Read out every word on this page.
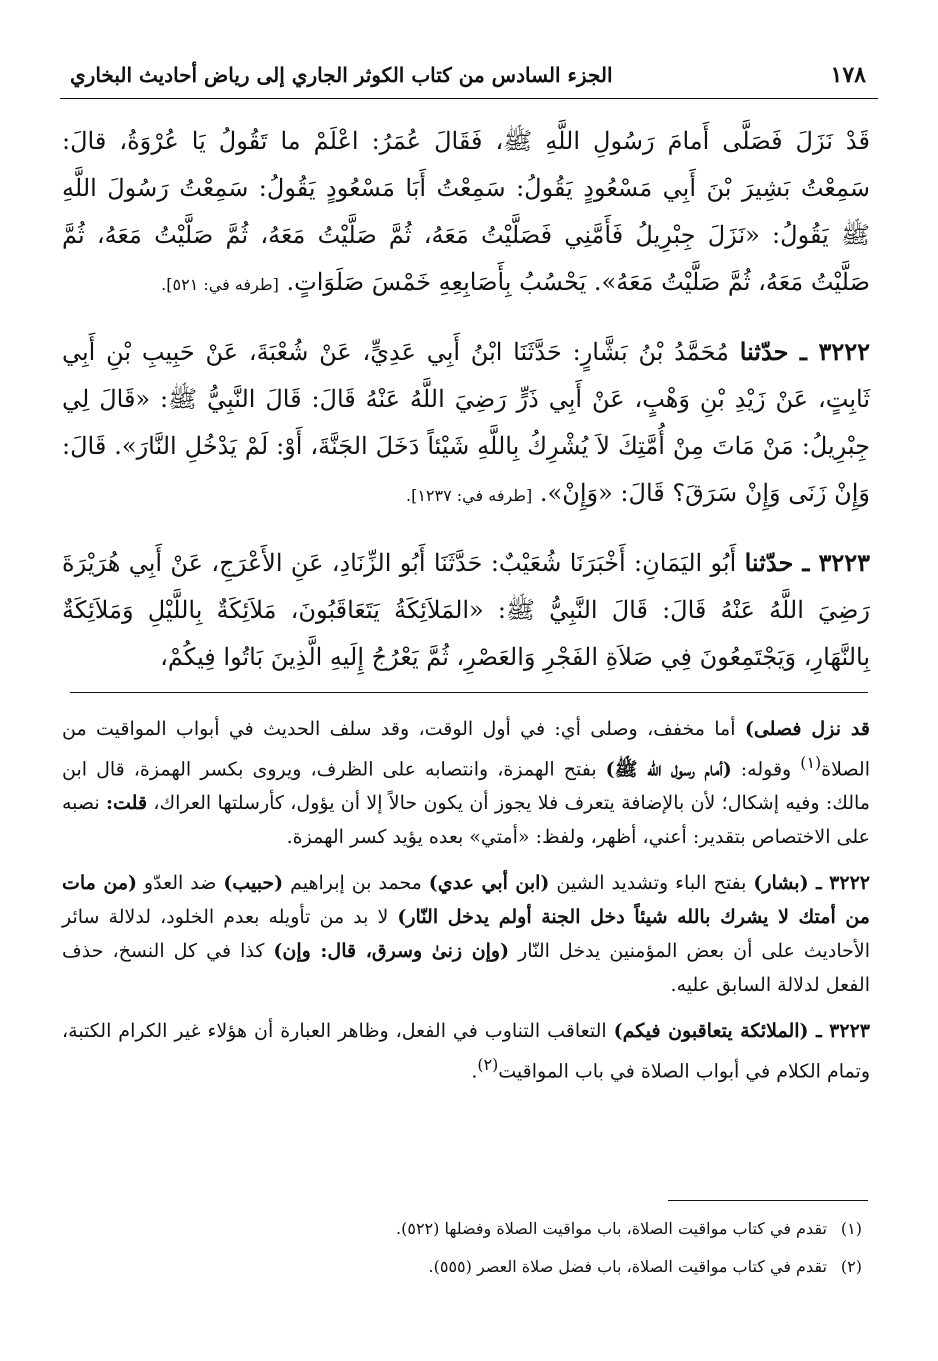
١٧٨
الجزء السادس من كتاب الكوثر الجاري إلى رياض أحاديث البخاري

قَدْ نَزَلَ فَصَلَّى أَمامَ رَسُولِ اللَّهِ ﷺ، فَقَالَ عُمَرُ: اعْلَمْ ما تَقُولُ يَا عُرْوَةُ، قالَ: سَمِعْتُ بَشِيرَ بْنَ أَبِي مَسْعُودٍ يَقُولُ: سَمِعْتُ أَبَا مَسْعُودٍ يَقُولُ: سَمِعْتُ رَسُولَ اللَّهِ ﷺ يَقُولُ: «نَزَلَ جِبْرِيلُ فَأَمَّنِي فَصَلَّيْتُ مَعَهُ، ثُمَّ صَلَّيْتُ مَعَهُ، ثُمَّ صَلَّيْتُ مَعَهُ، ثُمَّ صَلَّيْتُ مَعَهُ، ثُمَّ صَلَّيْتُ مَعَهُ». يَحْسُبُ بِأَصَابِعِهِ خَمْسَ صَلَوَاتٍ. [طرفه في: ٥٢١].

٣٢٢٢ ـ حدّثنا مُحَمَّدُ بْنُ بَشَّارٍ: حَدَّثَنَا ابْنُ أَبِي عَدِيٍّ، عَنْ شُعْبَةَ، عَنْ حَبِيبِ بْنِ أَبِي ثَابِتٍ، عَنْ زَيْدِ بْنِ وَهْبٍ، عَنْ أَبِي ذَرٍّ رَضِيَ اللَّهُ عَنْهُ قَالَ: قَالَ النَّبِيُّ ﷺ: «قَالَ لِي جِبْرِيلُ: مَنْ مَاتَ مِنْ أُمَّتِكَ لاَ يُشْرِكُ بِاللَّهِ شَيْئاً دَخَلَ الجَنَّةَ، أَوْ: لَمْ يَدْخُلِ النَّارَ». قَالَ: وَإِنْ زَنَى وَإِنْ سَرَقَ؟ قَالَ: «وَإِنْ». [طرفه في: ١٢٣٧].

٣٢٢٣ ـ حدّثنا أَبُو اليَمَانِ: أَخْبَرَنَا شُعَيْبٌ: حَدَّثَنَا أَبُو الزِّنَادِ، عَنِ الأَعْرَجِ، عَنْ أَبِي هُرَيْرَةَ رَضِيَ اللَّهُ عَنْهُ قَالَ: قَالَ النَّبِيُّ ﷺ: «المَلاَئِكَةُ يَتَعَاقَبُونَ، مَلاَئِكَةٌ بِاللَّيْلِ وَمَلاَئِكَةٌ بِالنَّهَارِ، وَيَجْتَمِعُونَ فِي صَلاَةِ الفَجْرِ وَالعَصْرِ، ثُمَّ يَعْرُجُ إِلَيهِ الَّذِينَ بَاتُوا فِيكُمْ،

قد نزل فصلى) أما مخفف، وصلى أي: في أول الوقت، وقد سلف الحديث في أبواب المواقيت من الصلاة$^{(١)}$ وقوله: (أمام رسول الله ﷺ) بفتح الهمزة، وانتصابه على الظرف، ويروى بكسر الهمزة، قال ابن مالك: وفيه إشكال؛ لأن بالإضافة يتعرف فلا يجوز أن يكون حالاً إلا أن يؤول، كأرسلتها العراك، قلت: نصبه على الاختصاص بتقدير: أعني، أظهر، ولفظ: «أمتي» بعده يؤيد كسر الهمزة.

٣٢٢٢ ـ (بشار) بفتح الباء وتشديد الشين (ابن أبي عدي) محمد بن إبراهيم (حبيب) ضد العدّو (من مات من أمتك لا يشرك بالله شيئاً دخل الجنة أولم يدخل النّار) لا بد من تأويله بعدم الخلود، لدلالة سائر الأحاديث على أن بعض المؤمنين يدخل النّار (وإن زنىٰ وسرق، قال: وإن) كذا في كل النسخ، حذف الفعل لدلالة السابق عليه.

٣٢٢٣ ـ (الملائكة يتعاقبون فيكم) التعاقب التناوب في الفعل، وظاهر العبارة أن هؤلاء غير الكرام الكتبة، وتمام الكلام في أبواب الصلاة في باب المواقيت$^{(٢)}$.

(١)
تقدم في كتاب مواقيت الصلاة، باب مواقيت الصلاة وفضلها (٥٢٢).
(٢)
تقدم في كتاب مواقيت الصلاة، باب فضل صلاة العصر (٥٥٥).
